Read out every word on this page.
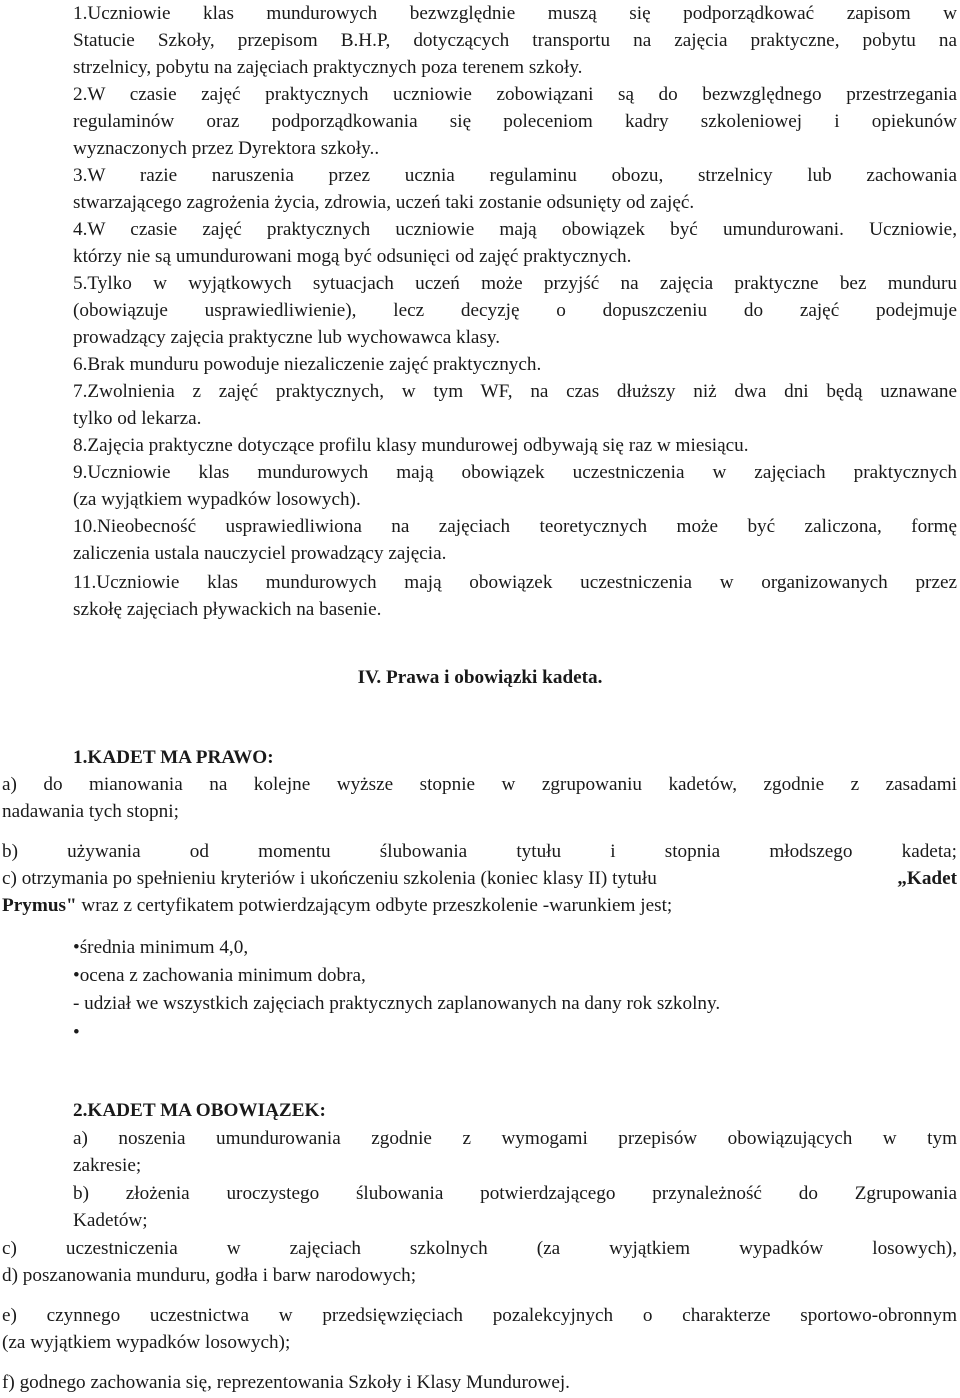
1.Uczniowie klas mundurowych bezwzględnie muszą się podporządkować zapisom w
Statucie Szkoły, przepisom B.H.P, dotyczących transportu na zajęcia praktyczne, pobytu na
strzelnicy, pobytu na zajęciach praktycznych poza terenem szkoły.
2.W czasie zajęć praktycznych uczniowie zobowiązani są do bezwzględnego przestrzegania
regulaminów oraz podporządkowania się poleceniom kadry szkoleniowej i opiekunów
wyznaczonych przez Dyrektora szkoły..
3.W razie naruszenia przez ucznia regulaminu obozu, strzelnicy lub zachowania
stwarzającego zagrożenia życia, zdrowia, uczeń taki zostanie odsunięty od zajęć.
4.W czasie zajęć praktycznych uczniowie mają obowiązek być umundurowani. Uczniowie,
którzy nie są umundurowani mogą być odsunięci od zajęć praktycznych.
5.Tylko w wyjątkowych sytuacjach uczeń może przyjść na zajęcia praktyczne bez munduru
(obowiązuje usprawiedliwienie), lecz decyzję o dopuszczeniu do zajęć podejmuje
prowadzący zajęcia praktyczne lub wychowawca klasy.
6.Brak munduru powoduje niezaliczenie zajęć praktycznych.
7.Zwolnienia z zajęć praktycznych, w tym WF, na czas dłuższy niż dwa dni będą uznawane
tylko od lekarza.
8.Zajęcia praktyczne dotyczące profilu klasy mundurowej odbywają się raz w miesiącu.
9.Uczniowie klas mundurowych mają obowiązek uczestniczenia w zajęciach praktycznych
(za wyjątkiem wypadków losowych).
10.Nieobecność usprawiedliwiona na zajęciach teoretycznych może być zaliczona, formę
zaliczenia ustala nauczyciel prowadzący zajęcia.
11.Uczniowie klas mundurowych mają obowiązek uczestniczenia w organizowanych przez
szkołę zajęciach pływackich na basenie.
IV. Prawa i obowiązki kadeta.
1.KADET MA PRAWO:
a) do mianowania na kolejne wyższe stopnie w zgrupowaniu kadetów, zgodnie z zasadami
nadawania tych stopni;
b) używania od momentu ślubowania tytułu i stopnia młodszego kadeta;
c) otrzymania po spełnieniu kryteriów i ukończeniu szkolenia (koniec klasy II) tytułu	„Kadet
Prymus" wraz z certyfikatem potwierdzającym odbyte przeszkolenie -warunkiem jest;
•średnia minimum 4,0,
•ocena z zachowania minimum dobra,
- udział we wszystkich zajęciach praktycznych zaplanowanych na dany rok szkolny.
•
2.KADET MA OBOWIĄZEK:
a) noszenia umundurowania zgodnie z wymogami przepisów obowiązujących w tym
zakresie;
b) złożenia uroczystego ślubowania potwierdzającego przynależność do Zgrupowania
Kadetów;
c) uczestniczenia w zajęciach szkolnych (za wyjątkiem wypadków losowych),
d) poszanowania munduru, godła i barw narodowych;
e) czynnego uczestnictwa w przedsięwzięciach pozalekcyjnych o charakterze sportowo-obronnym
(za wyjątkiem wypadków losowych);
f) godnego zachowania się, reprezentowania Szkoły i Klasy Mundurowej.
